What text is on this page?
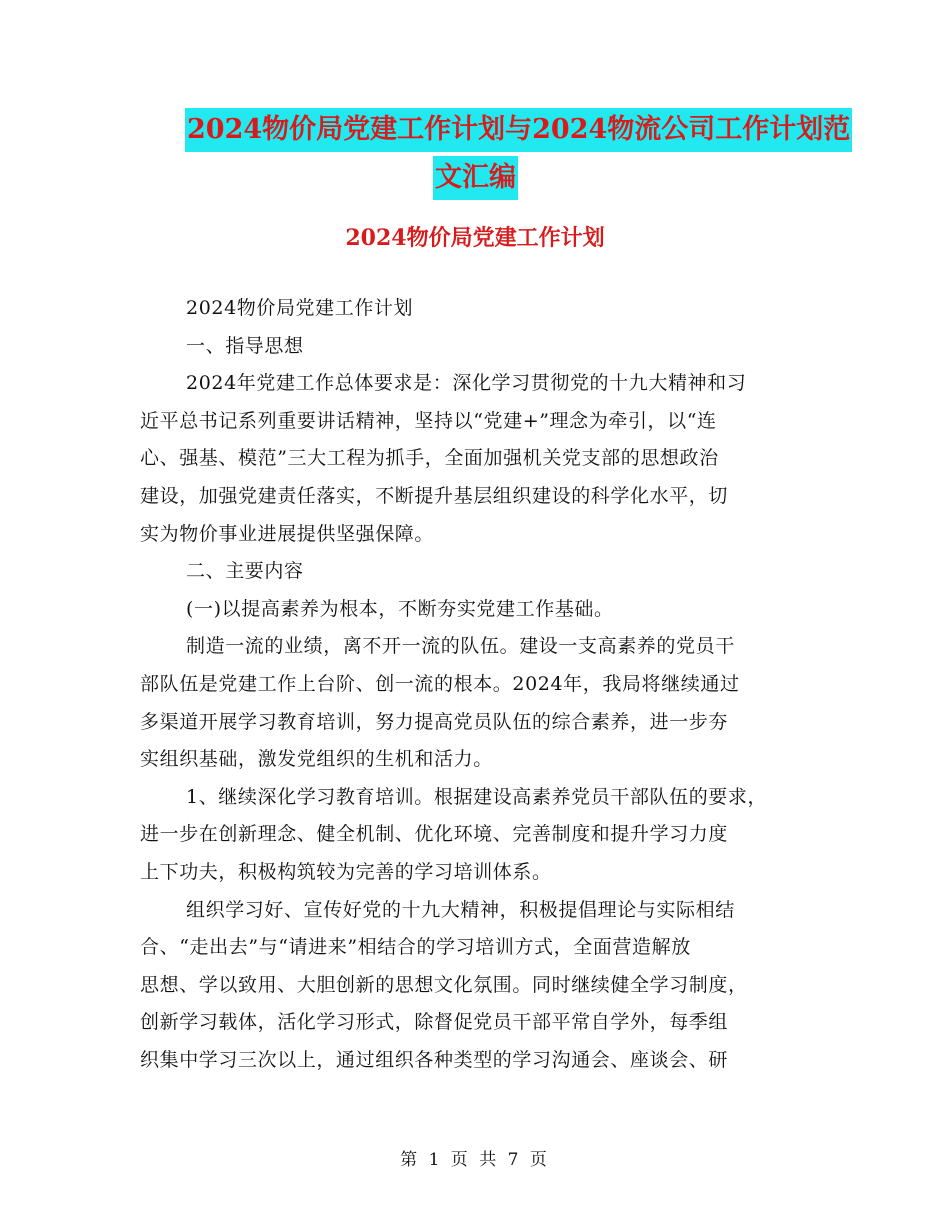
2024物价局党建工作计划与2024物流公司工作计划范
文汇编
2024物价局党建工作计划

2024物价局党建工作计划

一、指导思想

2024年党建工作总体要求是：深化学习贯彻党的十九大精神和习

近平总书记系列重要讲话精神，坚持以“党建+”理念为牵引，以“连

心、强基、模范”三大工程为抓手，全面加强机关党支部的思想政治

建设，加强党建责任落实，不断提升基层组织建设的科学化水平，切

实为物价事业进展提供坚强保障。

二、主要内容

(一)以提高素养为根本，不断夯实党建工作基础。

制造一流的业绩，离不开一流的队伍。建设一支高素养的党员干

部队伍是党建工作上台阶、创一流的根本。2024年，我局将继续通过

多渠道开展学习教育培训，努力提高党员队伍的综合素养，进一步夯

实组织基础，激发党组织的生机和活力。

1、继续深化学习教育培训。根据建设高素养党员干部队伍的要求，

进一步在创新理念、健全机制、优化环境、完善制度和提升学习力度

上下功夫，积极构筑较为完善的学习培训体系。

组织学习好、宣传好党的十九大精神，积极提倡理论与实际相结

合、“走出去”与“请进来”相结合的学习培训方式，全面营造解放

思想、学以致用、大胆创新的思想文化氛围。同时继续健全学习制度，

创新学习载体，活化学习形式，除督促党员干部平常自学外，每季组

织集中学习三次以上，通过组织各种类型的学习沟通会、座谈会、研

第 1 页 共 7 页
